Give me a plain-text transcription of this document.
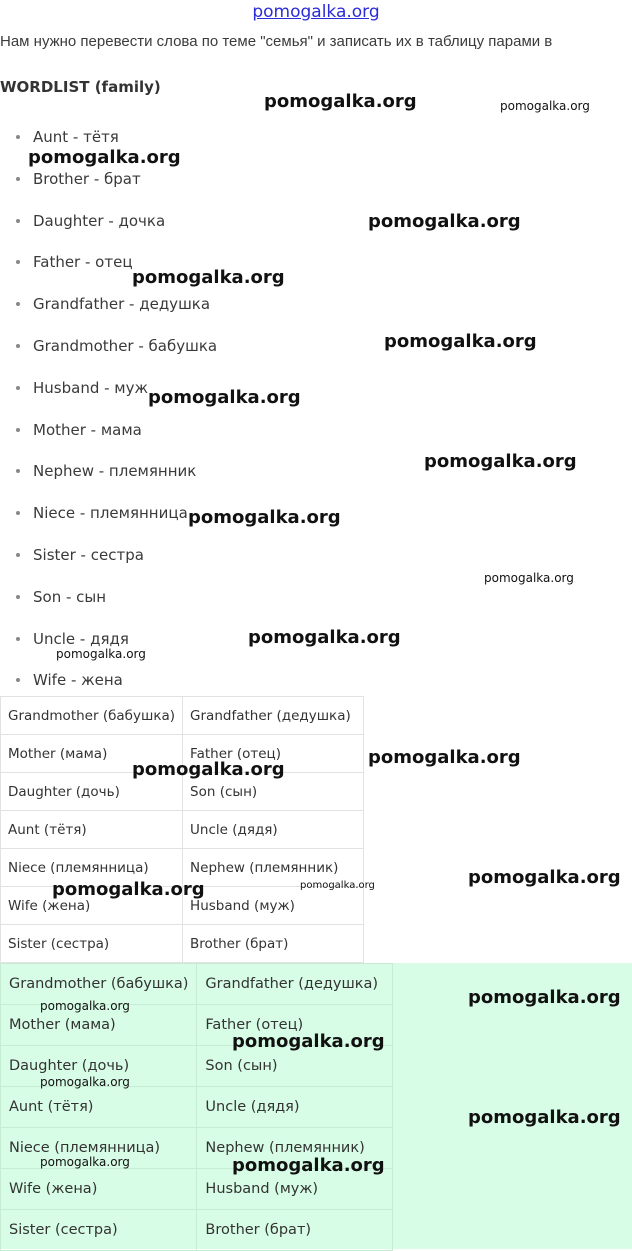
pomogalka.org
Нам нужно перевести слова по теме "семья" и записать их в таблицу парами в
WORDLIST (family)
Aunt - тётя
Brother - брат
Daughter - дочка
Father - отец
Grandfather - дедушка
Grandmother - бабушка
Husband - муж
Mother - мама
Nephew - племянник
Niece - племянница
Sister - сестра
Son - сын
Uncle - дядя
Wife - жена
Grandmother (бабушка)	Grandfather (дедушка)
Mother (мама)	Father (отец)
Daughter (дочь)	Son (сын)
Aunt (тётя)	Uncle (дядя)
Niece (племянница)	Nephew (племянник)
Wife (жена)	Husband (муж)
Sister (сестра)	Brother (брат)
Grandmother (бабушка)	Grandfather (дедушка)
Mother (мама)	Father (отец)
Daughter (дочь)	Son (сын)
Aunt (тётя)	Uncle (дядя)
Niece (племянница)	Nephew (племянник)
Wife (жена)	Husband (муж)
Sister (сестра)	Brother (брат)
pomogalka.org	pomogalka.org
pomogalka.org
pomogalka.org
pomogalka.org
pomogalka.org
pomogalka.org
pomogalka.org
pomogalka.org
pomogalka.org
pomogalka.org
pomogalka.org
pomogalka.org
pomogalka.org
pomogalka.org
pomogalka.org	pomogalka.org
pomogalka.org
pomogalka.org
pomogalka.org
pomogalka.org
pomogalka.org
pomogalka.org	pomogalka.org
